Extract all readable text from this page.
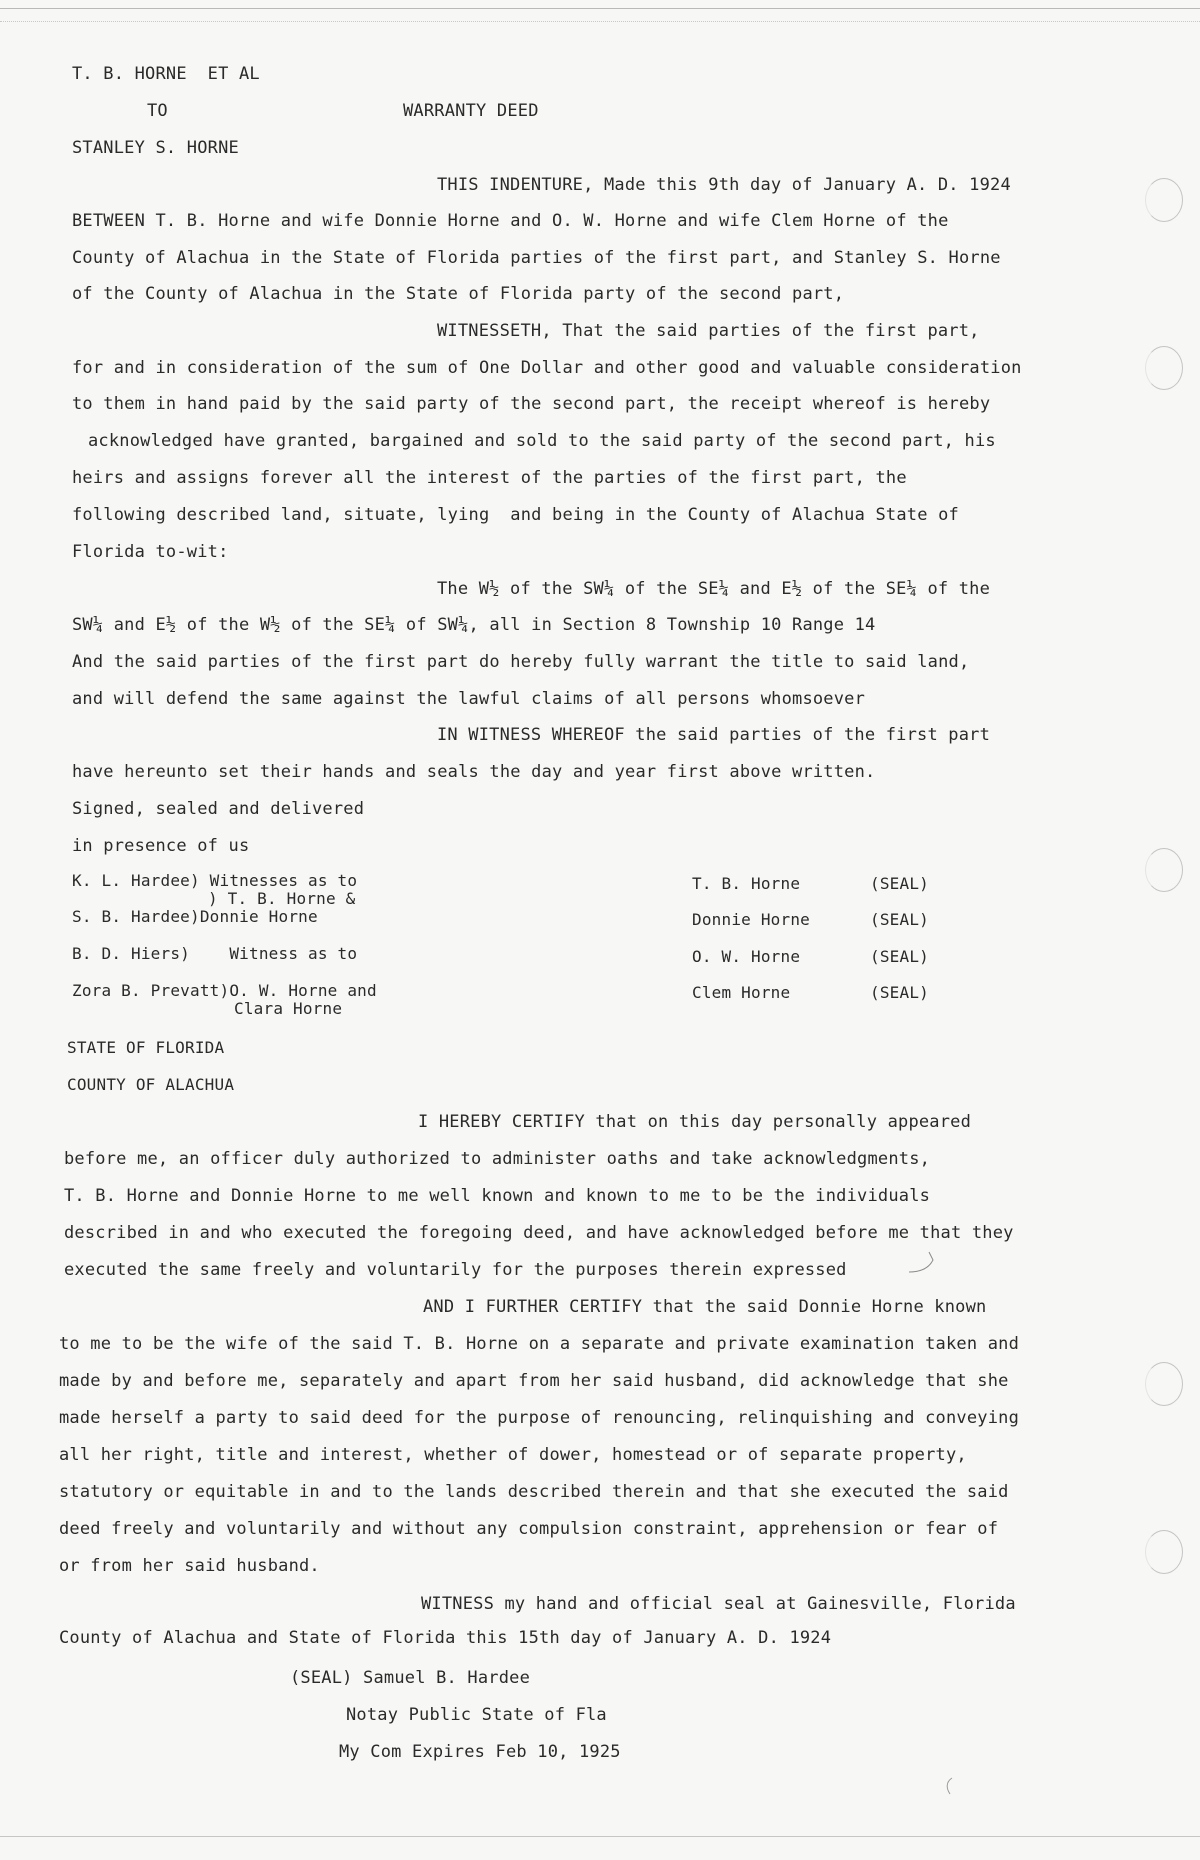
T. B. HORNE  ET AL
TO	WARRANTY DEED
STANLEY S. HORNE
THIS INDENTURE, Made this 9th day of January A. D. 1924
BETWEEN T. B. Horne and wife Donnie Horne and O. W. Horne and wife Clem Horne of the
County of Alachua in the State of Florida parties of the first part, and Stanley S. Horne
of the County of Alachua in the State of Florida party of the second part,
WITNESSETH, That the said parties of the first part,
for and in consideration of the sum of One Dollar and other good and valuable consideration
to them in hand paid by the said party of the second part, the receipt whereof is hereby
acknowledged have granted, bargained and sold to the said party of the second part, his
heirs and assigns forever all the interest of the parties of the first part, the
following described land, situate, lying  and being in the County of Alachua State of
Florida to-wit:
The W½ of the SW¼ of the SE¼ and E½ of the SE¼ of the
SW¼ and E½ of the W½ of the SE¼ of SW¼, all in Section 8 Township 10 Range 14
And the said parties of the first part do hereby fully warrant the title to said land,
and will defend the same against the lawful claims of all persons whomsoever
IN WITNESS WHEREOF the said parties of the first part
have hereunto set their hands and seals the day and year first above written.
Signed, sealed and delivered
in presence of us
K. L. Hardee) Witnesses as to
) T. B. Horne &
S. B. Hardee)Donnie Horne
B. D. Hiers)    Witness as to
Zora B. Prevatt)O. W. Horne and
Clara Horne
T. B. Horne	(SEAL)
Donnie Horne	(SEAL)
O. W. Horne	(SEAL)
Clem Horne	(SEAL)
STATE OF FLORIDA
COUNTY OF ALACHUA
I HEREBY CERTIFY that on this day personally appeared
before me, an officer duly authorized to administer oaths and take acknowledgments,
T. B. Horne and Donnie Horne to me well known and known to me to be the individuals
described in and who executed the foregoing deed, and have acknowledged before me that they
executed the same freely and voluntarily for the purposes therein expressed
AND I FURTHER CERTIFY that the said Donnie Horne known
to me to be the wife of the said T. B. Horne on a separate and private examination taken and
made by and before me, separately and apart from her said husband, did acknowledge that she
made herself a party to said deed for the purpose of renouncing, relinquishing and conveying
all her right, title and interest, whether of dower, homestead or of separate property,
statutory or equitable in and to the lands described therein and that she executed the said
deed freely and voluntarily and without any compulsion constraint, apprehension or fear of
or from her said husband.
WITNESS my hand and official seal at Gainesville, Florida
County of Alachua and State of Florida this 15th day of January A. D. 1924
(SEAL) Samuel B. Hardee
Notay Public State of Fla
My Com Expires Feb 10, 1925
